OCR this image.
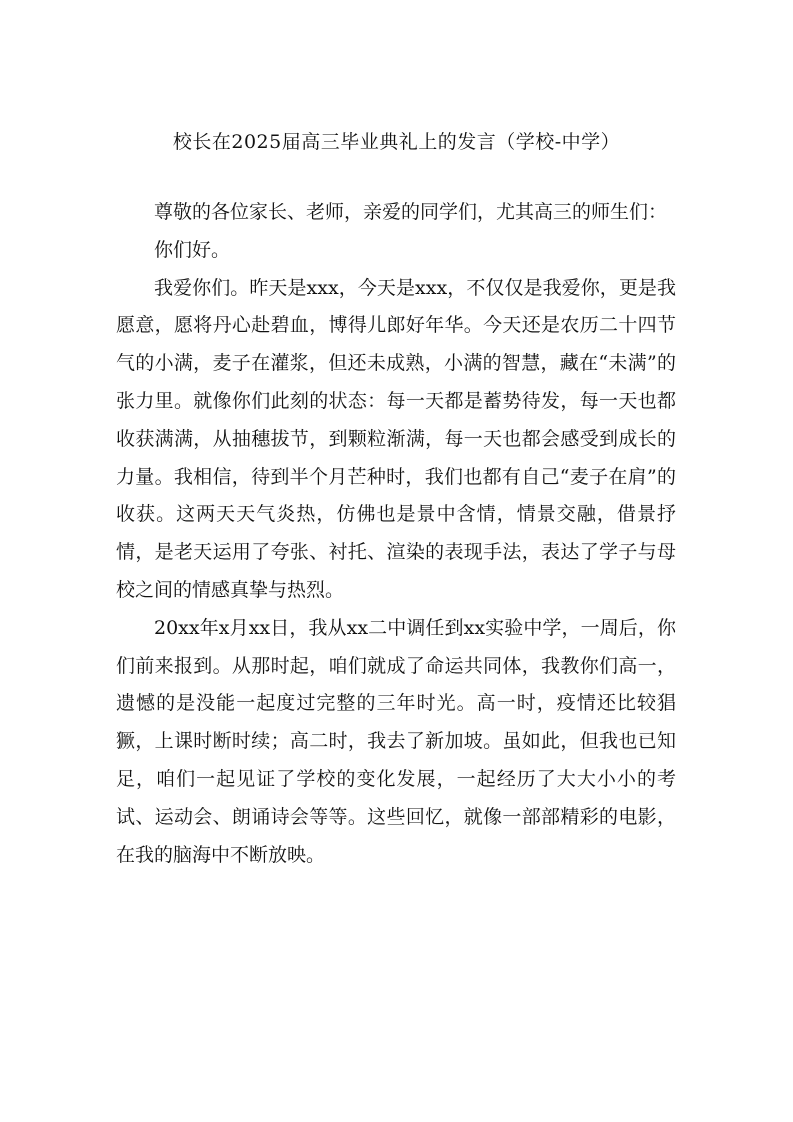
校长在2025届高三毕业典礼上的发言（学校-中学）

尊敬的各位家长、老师，亲爱的同学们，尤其高三的师生们：

你们好。

我爱你们。昨天是xxx，今天是xxx，不仅仅是我爱你，更是我愿意，愿将丹心赴碧血，博得儿郎好年华。今天还是农历二十四节气的小满，麦子在灌浆，但还未成熟，小满的智慧，藏在“未满”的张力里。就像你们此刻的状态：每一天都是蓄势待发，每一天也都收获满满，从抽穗拔节，到颗粒渐满，每一天也都会感受到成长的力量。我相信，待到半个月芒种时，我们也都有自己“麦子在肩”的收获。这两天天气炎热，仿佛也是景中含情，情景交融，借景抒情，是老天运用了夸张、衬托、渲染的表现手法，表达了学子与母校之间的情感真挚与热烈。

20xx年x月xx日，我从xx二中调任到xx实验中学，一周后，你们前来报到。从那时起，咱们就成了命运共同体，我教你们高一，遗憾的是没能一起度过完整的三年时光。高一时，疫情还比较猖獗，上课时断时续；高二时，我去了新加坡。虽如此，但我也已知足，咱们一起见证了学校的变化发展，一起经历了大大小小的考试、运动会、朗诵诗会等等。这些回忆，就像一部部精彩的电影，在我的脑海中不断放映。
